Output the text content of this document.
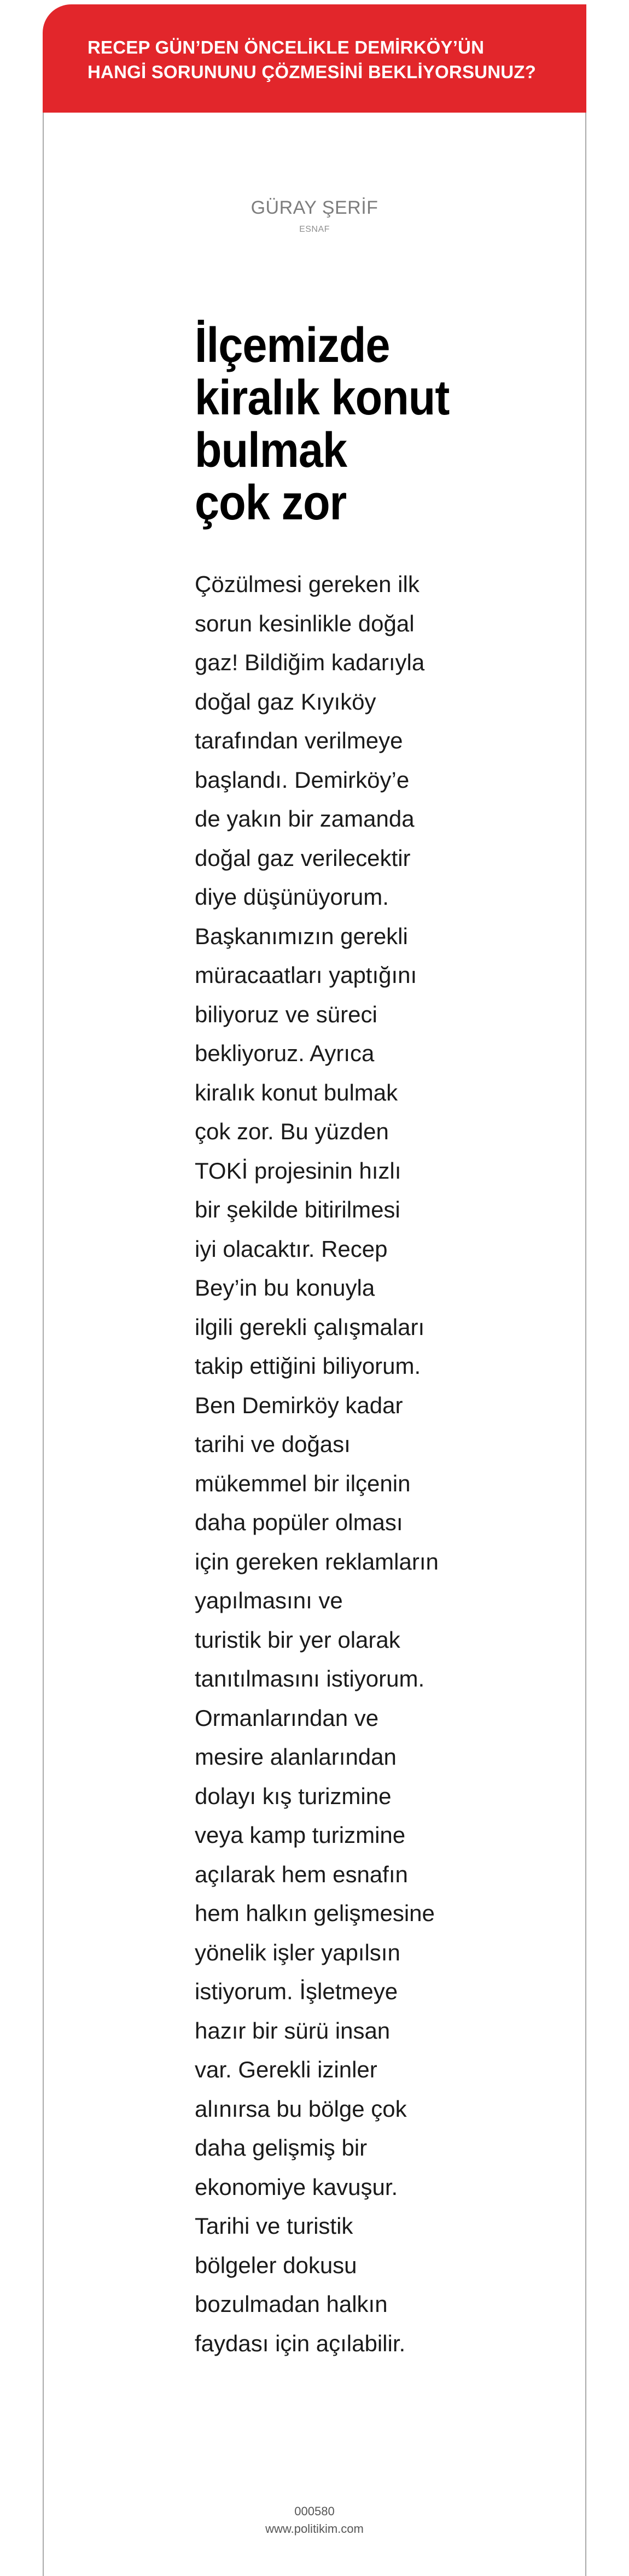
RECEP GÜN’DEN ÖNCELİKLE DEMİRKÖY’ÜN
HANGİ SORUNUNU ÇÖZMESİNİ BEKLİYORSUNUZ?

GÜRAY ŞERİF

ESNAF

İlçemizde
kiralık konut
bulmak
çok zor

Çözülmesi gereken ilk
sorun kesinlikle doğal
gaz! Bildiğim kadarıyla
doğal gaz Kıyıköy
tarafından verilmeye
başlandı. Demirköy’e
de yakın bir zamanda
doğal gaz verilecektir
diye düşünüyorum.
Başkanımızın gerekli
müracaatları yaptığını
biliyoruz ve süreci
bekliyoruz. Ayrıca
kiralık konut bulmak
çok zor. Bu yüzden
TOKİ projesinin hızlı
bir şekilde bitirilmesi
iyi olacaktır. Recep
Bey’in bu konuyla
ilgili gerekli çalışmaları
takip ettiğini biliyorum.
Ben Demirköy kadar
tarihi ve doğası
mükemmel bir ilçenin
daha popüler olması
için gereken reklamların
yapılmasını ve
turistik bir yer olarak
tanıtılmasını istiyorum.
Ormanlarından ve
mesire alanlarından
dolayı kış turizmine
veya kamp turizmine
açılarak hem esnafın
hem halkın gelişmesine
yönelik işler yapılsın
istiyorum. İşletmeye
hazır bir sürü insan
var. Gerekli izinler
alınırsa bu bölge çok
daha gelişmiş bir
ekonomiye kavuşur.
Tarihi ve turistik
bölgeler dokusu
bozulmadan halkın
faydası için açılabilir.

000580

www.politikim.com
